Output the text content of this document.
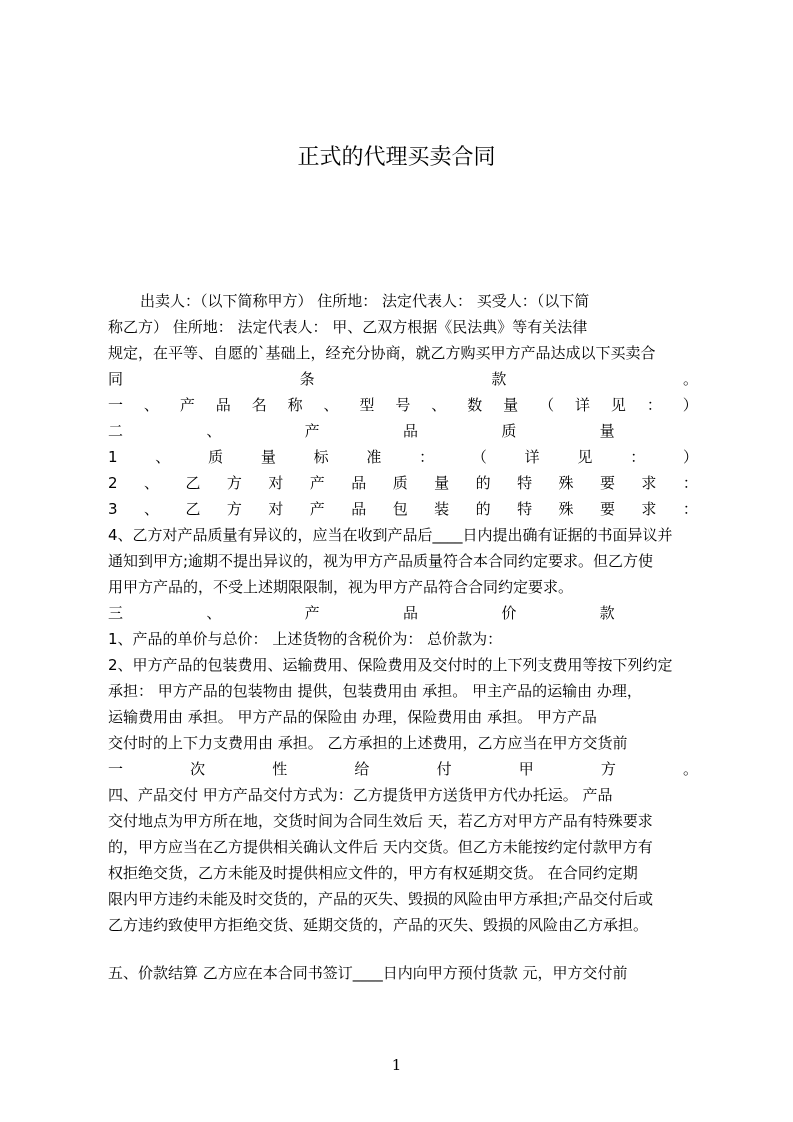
正式的代理买卖合同
出卖人：（以下简称甲方） 住所地： 法定代表人： 买受人：（以下简
称乙方） 住所地： 法定代表人： 甲、乙双方根据《民法典》等有关法律
规定，在平等、自愿的`基础上，经充分协商，就乙方购买甲方产品达成以下买卖合
同	条	款	。
一 、 产 品 名 称 、 型 号 、 数 量 （ 详 见 ： ）
二	、	产	品	质	量
1	、	质	量	标	准	：	（	详	见	：	）
2 、 乙 方 对 产 品 质 量 的 特 殊 要 求 ：
3 、 乙 方 对 产 品 包 装 的 特 殊 要 求 ：
4、乙方对产品质量有异议的，应当在收到产品后____日内提出确有证据的书面异议并
通知到甲方;逾期不提出异议的，视为甲方产品质量符合本合同约定要求。但乙方使
用甲方产品的，不受上述期限限制，视为甲方产品符合合同约定要求。
三	、	产	品	价	款
1、产品的单价与总价： 上述货物的含税价为： 总价款为：
2、甲方产品的包装费用、运输费用、保险费用及交付时的上下列支费用等按下列约定
承担： 甲方产品的包装物由 提供，包装费用由 承担。 甲主产品的运输由 办理，
运输费用由 承担。 甲方产品的保险由 办理，保险费用由 承担。 甲方产品
交付时的上下力支费用由 承担。 乙方承担的上述费用，乙方应当在甲方交货前
一	次	性	给	付	甲	方	。
四、产品交付 甲方产品交付方式为：乙方提货甲方送货甲方代办托运。 产品
交付地点为甲方所在地，交货时间为合同生效后 天，若乙方对甲方产品有特殊要求
的，甲方应当在乙方提供相关确认文件后 天内交货。但乙方未能按约定付款甲方有
权拒绝交货，乙方未能及时提供相应文件的，甲方有权延期交货。 在合同约定期
限内甲方违约未能及时交货的，产品的灭失、毁损的风险由甲方承担;产品交付后或
乙方违约致使甲方拒绝交货、延期交货的，产品的灭失、毁损的风险由乙方承担。
五、价款结算 乙方应在本合同书签订____日内向甲方预付货款 元，甲方交付前
1
